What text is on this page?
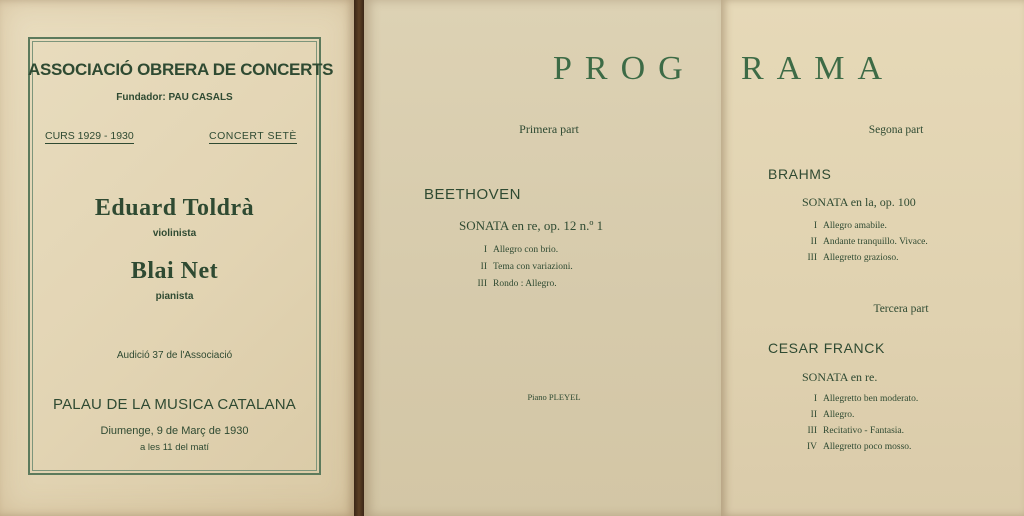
ASSOCIACIÓ OBRERA DE CONCERTS
Fundador: PAU CASALS
CURS 1929 - 1930	CONCERT SETÈ
Eduard Toldrà
violinista
Blai Net
pianista
Audició 37 de l'Associació
PALAU DE LA MUSICA CATALANA
Diumenge, 9 de Març de 1930
a les 11 del matí
PROG
Primera part
BEETHOVEN
SONATA en re, op. 12 n.º 1
I Allegro con brio.
II Tema con variazioni.
III Rondo : Allegro.
Piano PLEYEL
RAMA
Segona part
BRAHMS
SONATA en la, op. 100
I Allegro amabile.
II Andante tranquillo. Vivace.
III Allegretto grazioso.
Tercera part
CESAR FRANCK
SONATA en re.
I Allegretto ben moderato.
II Allegro.
III Recitativo - Fantasia.
IV Allegretto poco mosso.
